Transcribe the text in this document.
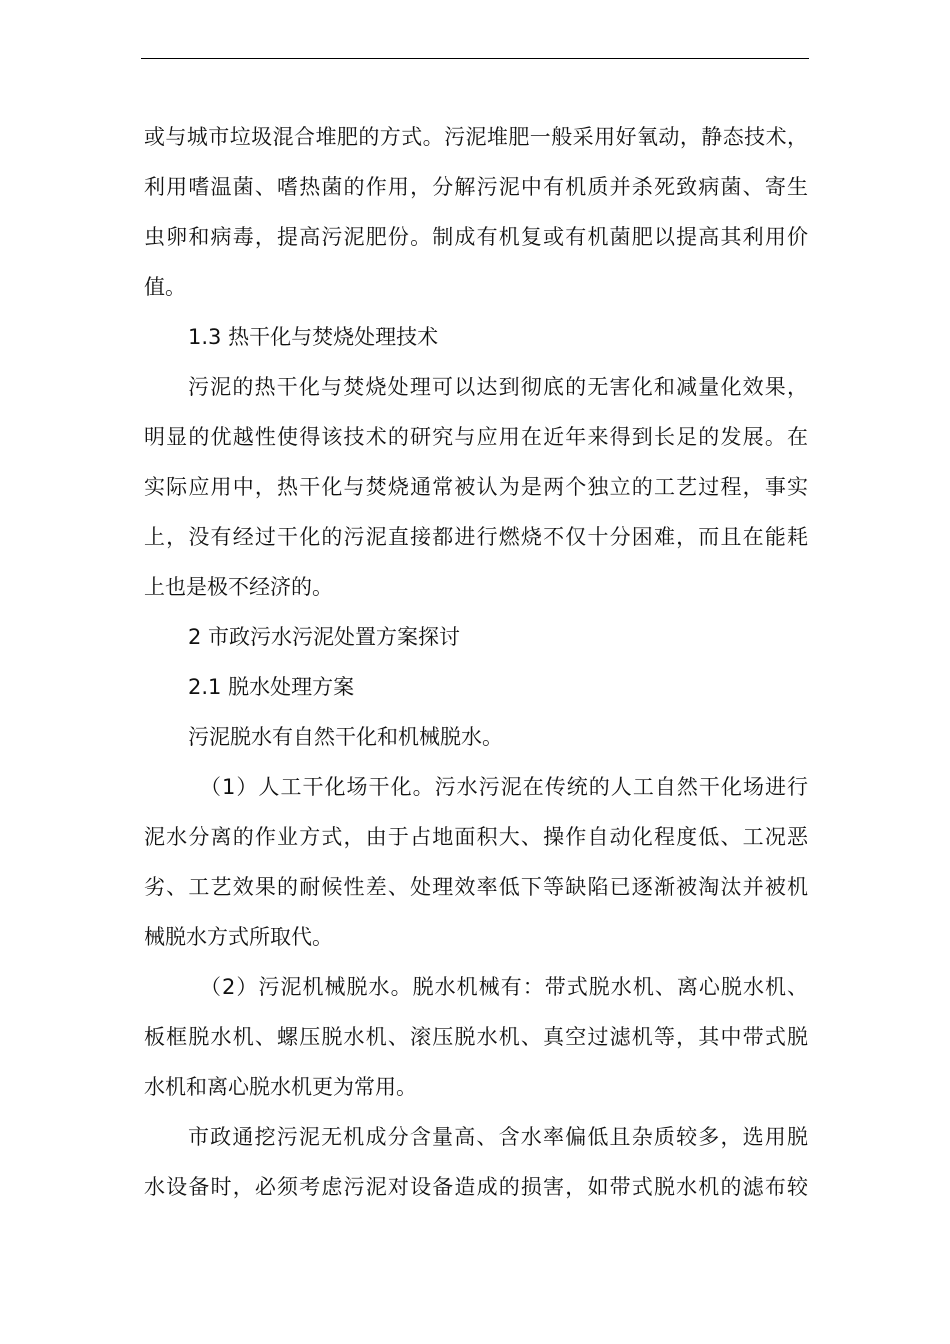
或与城市垃圾混合堆肥的方式。污泥堆肥一般采用好氧动，静态技术，
利用嗜温菌、嗜热菌的作用，分解污泥中有机质并杀死致病菌、寄生
虫卵和病毒，提高污泥肥份。制成有机复或有机菌肥以提高其利用价
值。
1.3 热干化与焚烧处理技术
污泥的热干化与焚烧处理可以达到彻底的无害化和减量化效果，
明显的优越性使得该技术的研究与应用在近年来得到长足的发展。在
实际应用中，热干化与焚烧通常被认为是两个独立的工艺过程，事实
上，没有经过干化的污泥直接都进行燃烧不仅十分困难，而且在能耗
上也是极不经济的。
2 市政污水污泥处置方案探讨
2.1 脱水处理方案
污泥脱水有自然干化和机械脱水。
（1）人工干化场干化。污水污泥在传统的人工自然干化场进行
泥水分离的作业方式，由于占地面积大、操作自动化程度低、工况恶
劣、工艺效果的耐候性差、处理效率低下等缺陷已逐渐被淘汰并被机
械脱水方式所取代。
（2）污泥机械脱水。脱水机械有：带式脱水机、离心脱水机、
板框脱水机、螺压脱水机、滚压脱水机、真空过滤机等，其中带式脱
水机和离心脱水机更为常用。
市政通挖污泥无机成分含量高、含水率偏低且杂质较多，选用脱
水设备时，必须考虑污泥对设备造成的损害，如带式脱水机的滤布较
